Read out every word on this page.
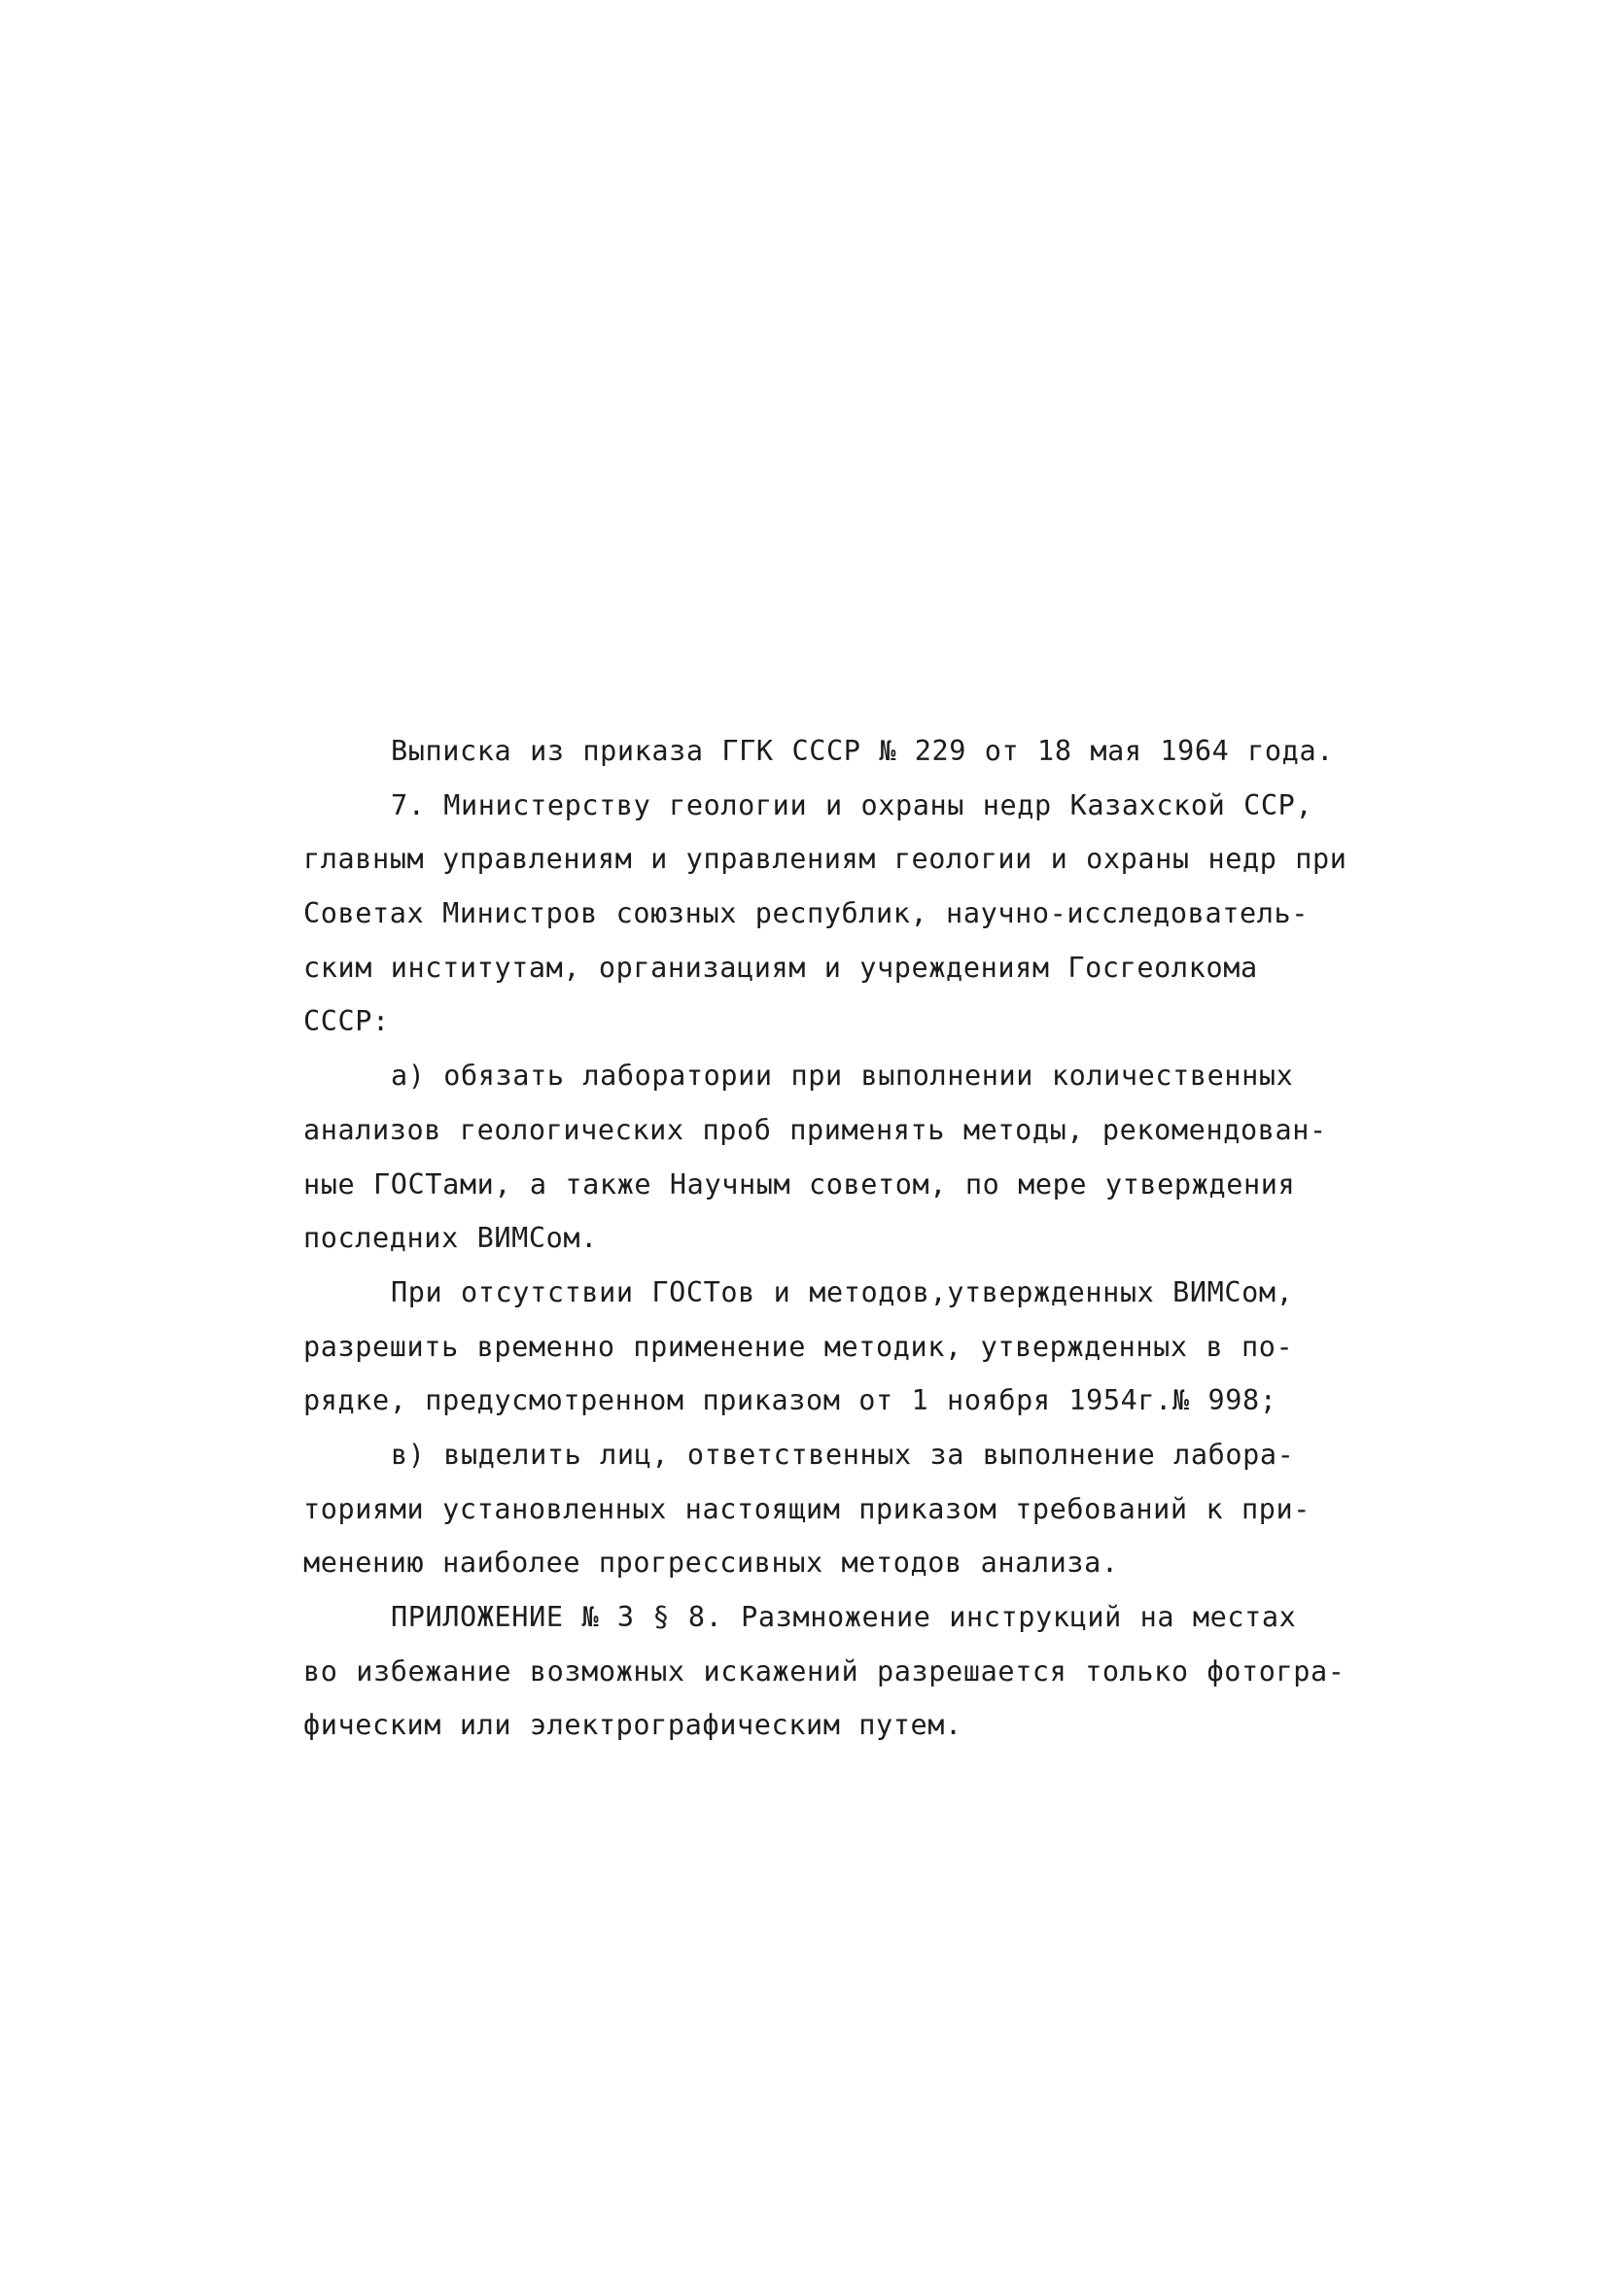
Выписка из приказа ГГК СССР № 229 от 18 мая 1964 года.
7. Министерству геологии и охраны недр Казахской ССР,
главным управлениям и управлениям геологии и охраны недр при
Советах Министров союзных республик, научно-исследователь-
ским институтам, организациям и учреждениям Госгеолкома
СССР:
а) обязать лаборатории при выполнении количественных
анализов геологических проб применять методы, рекомендован-
ные ГОСТами, а также Научным советом, по мере утверждения
последних ВИМСом.
При отсутствии ГОСТов и методов,утвержденных ВИМСом,
разрешить временно применение методик, утвержденных в по-
рядке, предусмотренном приказом от 1 ноября 1954г.№ 998;
в) выделить лиц, ответственных за выполнение лабора-
ториями установленных настоящим приказом требований к при-
менению наиболее прогрессивных методов анализа.
ПРИЛОЖЕНИЕ № 3 § 8. Размножение инструкций на местах
во избежание возможных искажений разрешается только фотогра-
фическим или электрографическим путем.
